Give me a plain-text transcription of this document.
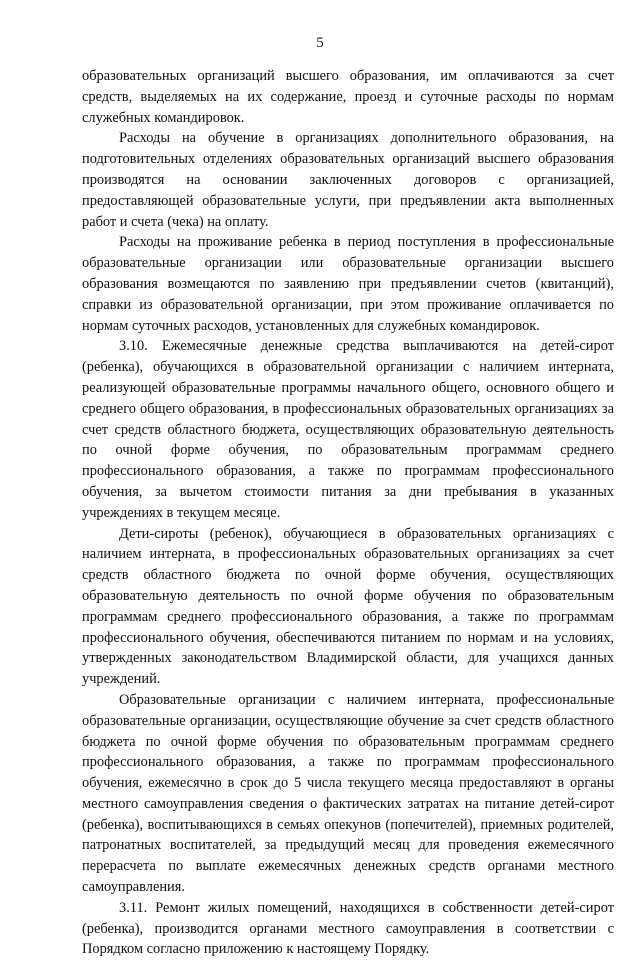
5

образовательных организаций высшего образования, им оплачиваются за счет средств, выделяемых на их содержание, проезд и суточные расходы по нормам служебных командировок.

Расходы на обучение в организациях дополнительного образования, на подготовительных отделениях образовательных организаций высшего образования производятся на основании заключенных договоров с организацией, предоставляющей образовательные услуги, при предъявлении акта выполненных работ и счета (чека) на оплату.

Расходы на проживание ребенка в период поступления в профессиональные образовательные организации или образовательные организации высшего образования возмещаются по заявлению при предъявлении счетов (квитанций), справки из образовательной организации, при этом проживание оплачивается по нормам суточных расходов, установленных для служебных командировок.

3.10. Ежемесячные денежные средства выплачиваются на детей-сирот (ребенка), обучающихся в образовательной организации с наличием интерната, реализующей образовательные программы начального общего, основного общего и среднего общего образования, в профессиональных образовательных организациях за счет средств областного бюджета, осуществляющих образовательную деятельность по очной форме обучения, по образовательным программам среднего профессионального образования, а также по программам профессионального обучения, за вычетом стоимости питания за дни пребывания в указанных учреждениях в текущем месяце.

Дети-сироты (ребенок), обучающиеся в образовательных организациях с наличием интерната, в профессиональных образовательных организациях за счет средств областного бюджета по очной форме обучения, осуществляющих образовательную деятельность по очной форме обучения по образовательным программам среднего профессионального образования, а также по программам профессионального обучения, обеспечиваются питанием по нормам и на условиях, утвержденных законодательством Владимирской области, для учащихся данных учреждений.

Образовательные организации с наличием интерната, профессиональные образовательные организации, осуществляющие обучение за счет средств областного бюджета по очной форме обучения по образовательным программам среднего профессионального образования, а также по программам профессионального обучения, ежемесячно в срок до 5 числа текущего месяца предоставляют в органы местного самоуправления сведения о фактических затратах на питание детей-сирот (ребенка), воспитывающихся в семьях опекунов (попечителей), приемных родителей, патронатных воспитателей, за предыдущий месяц для проведения ежемесячного перерасчета по выплате ежемесячных денежных средств органами местного самоуправления.

3.11. Ремонт жилых помещений, находящихся в собственности детей-сирот (ребенка), производится органами местного самоуправления в соответствии с Порядком согласно приложению к настоящему Порядку.
